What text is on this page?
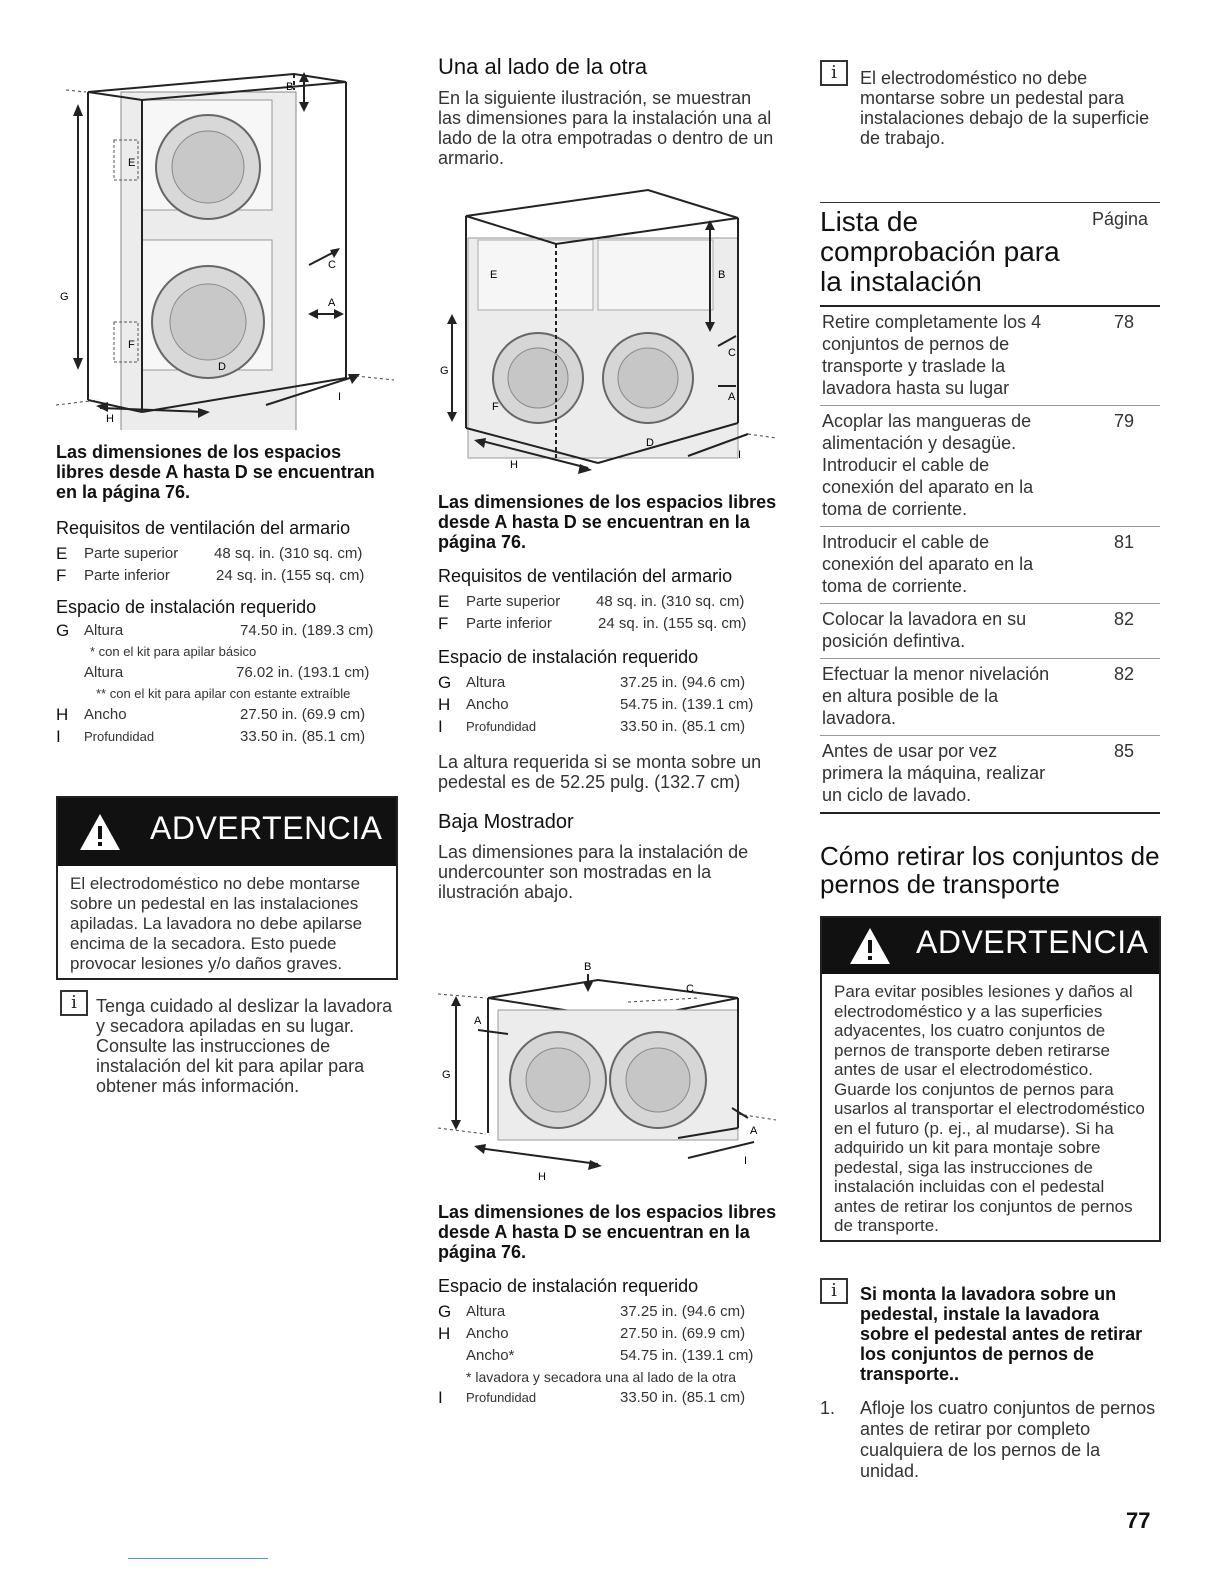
B
E
F
C
A
D
G
H
I
Las dimensiones de los espacios libres desde A hasta D se encuentran en la página 76.
Requisitos de ventilación del armario
E Parte superior 48 sq. in. (310 sq. cm)
F Parte inferior	24 sq. in. (155 sq. cm)
Espacio de instalación requerido
G Altura	74.50 in. (189.3 cm)
* con el kit para apilar básico
Altura	76.02 in. (193.1 cm)
** con el kit para apilar con estante extraíble
H Ancho	27.50 in. (69.9 cm)
I Profundidad	33.50 in. (85.1 cm)
ADVERTENCIA
El electrodoméstico no debe montarse sobre un pedestal en las instalaciones apiladas. La lavadora no debe apilarse encima de la secadora. Esto puede provocar lesiones y/o daños graves.
i	Tenga cuidado al deslizar la lavadora y secadora apiladas en su lugar. Consulte las instrucciones de instalación del kit para apilar para obtener más información.
Una al lado de la otra

En la siguiente ilustración, se muestran las dimensiones para la instalación una al lado de la otra empotradas o dentro de un armario.

E	B
C
A
G
F
D
H
I
Las dimensiones de los espacios libres desde A hasta D se encuentran en la página 76.
Requisitos de ventilación del armario
E Parte superior 48 sq. in. (310 sq. cm)
F Parte inferior	24 sq. in. (155 sq. cm)
Espacio de instalación requerido
G Altura	37.25 in. (94.6 cm)
H Ancho	54.75 in. (139.1 cm)
I Profundidad	33.50 in. (85.1 cm)

La altura requerida si se monta sobre un pedestal es de 52.25 pulg. (132.7 cm)

Baja Mostrador

Las dimensiones para la instalación de undercounter son mostradas en la ilustración abajo.

B
C
A
G
A
H
I
Las dimensiones de los espacios libres desde A hasta D se encuentran en la página 76.
Espacio de instalación requerido
G Altura	37.25 in. (94.6 cm)
H Ancho	27.50 in. (69.9 cm)
Ancho*	54.75 in. (139.1 cm)
* lavadora y secadora una al lado de la otra
I Profundidad	33.50 in. (85.1 cm)
i	El electrodoméstico no debe montarse sobre un pedestal para instalaciones debajo de la superficie de trabajo.
Lista de comprobación para la instalación
Página
Retire completamente los 4 conjuntos de pernos de transporte y traslade la lavadora hasta su lugar
78
Acoplar las mangueras de alimentación y desagüe. Introducir el cable de conexión del aparato en la toma de corriente.
79
Introducir el cable de conexión del aparato en la toma de corriente.
81
Colocar la lavadora en su posición defintiva.
82
Efectuar la menor nivelación en altura posible de la lavadora.
82
Antes de usar por vez primera la máquina, realizar un ciclo de lavado.
85
Cómo retirar los conjuntos de pernos de transporte
ADVERTENCIA
Para evitar posibles lesiones y daños al electrodoméstico y a las superficies adyacentes, los cuatro conjuntos de pernos de transporte deben retirarse antes de usar el electrodoméstico. Guarde los conjuntos de pernos para usarlos al transportar el electrodoméstico en el futuro (p. ej., al mudarse). Si ha adquirido un kit para montaje sobre pedestal, siga las instrucciones de instalación incluidas con el pedestal antes de retirar los conjuntos de pernos de transporte.
i	Si monta la lavadora sobre un pedestal, instale la lavadora sobre el pedestal antes de retirar los conjuntos de pernos de transporte..
1. Afloje los cuatro conjuntos de pernos antes de retirar por completo cualquiera de los pernos de la unidad.
77
